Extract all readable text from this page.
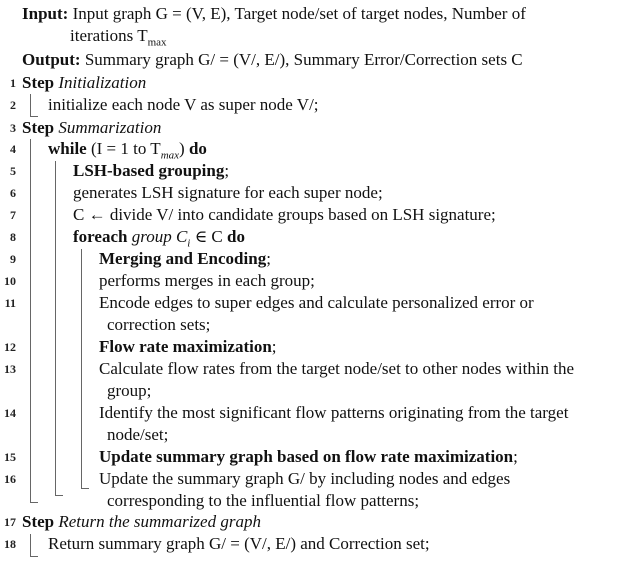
Input: Input graph G = (V, E), Target node/set of target nodes, Number of
iterations $T_{max}$
Output: Summary graph G/ = (V/, E/), Summary Error/Correction sets C
1 Step Initialization
2 initialize each node V as super node V/;
3 Step Summarization
4 while (I = 1 to $T_{max}$) do
5	LSH-based grouping;
6	generates LSH signature for each super node;
7	C ← divide V/ into candidate groups based on LSH signature;
8	foreach group $C_i$ ∈ C do
9	Merging and Encoding;
10	performs merges in each group;
11	Encode edges to super edges and calculate personalized error or
correction sets;
12	Flow rate maximization;
13	Calculate flow rates from the target node/set to other nodes within the
group;
14	Identify the most significant flow patterns originating from the target
node/set;
15	Update summary graph based on flow rate maximization;
16	Update the summary graph G/ by including nodes and edges
corresponding to the influential flow patterns;
17 Step Return the summarized graph
18 Return summary graph G/ = (V/, E/) and Correction set;
